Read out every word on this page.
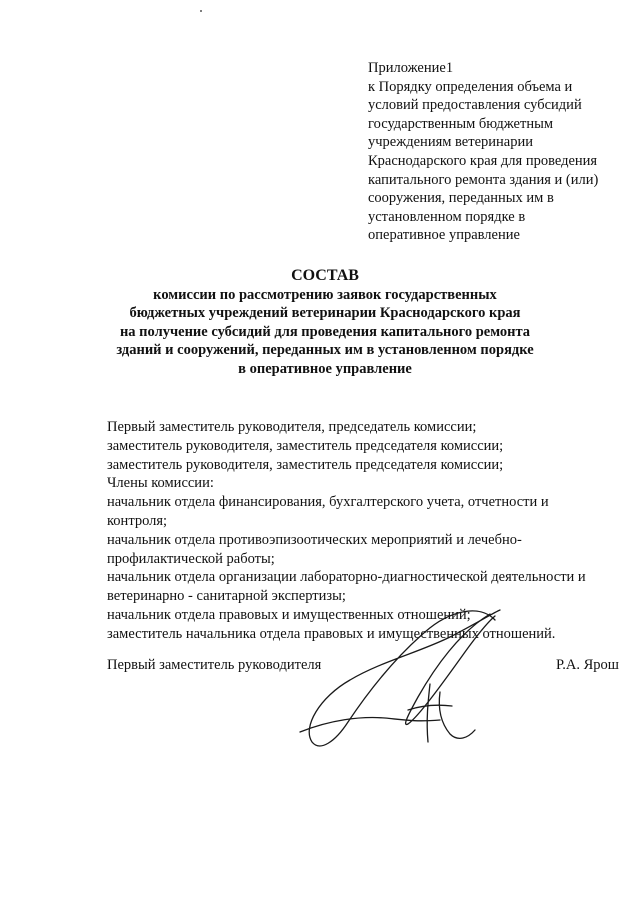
Приложение1
к Порядку определения объема и
условий предоставления субсидий
государственным бюджетным
учреждениям ветеринарии
Краснодарского края для проведения
капитального ремонта здания и (или)
сооружения, переданных им в
установленном порядке в
оперативное управление
СОСТАВ
комиссии по рассмотрению заявок государственных
бюджетных учреждений ветеринарии Краснодарского края
на получение субсидий для проведения капитального ремонта
зданий и сооружений, переданных им в установленном порядке
в оперативное управление
Первый заместитель руководителя, председатель комиссии;
заместитель руководителя, заместитель председателя комиссии;
заместитель руководителя, заместитель председателя комиссии;
Члены комиссии:
начальник отдела финансирования, бухгалтерского учета, отчетности и
контроля;
начальник отдела противоэпизоотических мероприятий и лечебно-
профилактической работы;
начальник отдела организации лабораторно-диагностической деятельности и
ветеринарно - санитарной экспертизы;
начальник отдела правовых и имущественных отношений;
заместитель начальника отдела правовых и имущественных отношений.
Первый заместитель руководителя	Р.А. Ярош
